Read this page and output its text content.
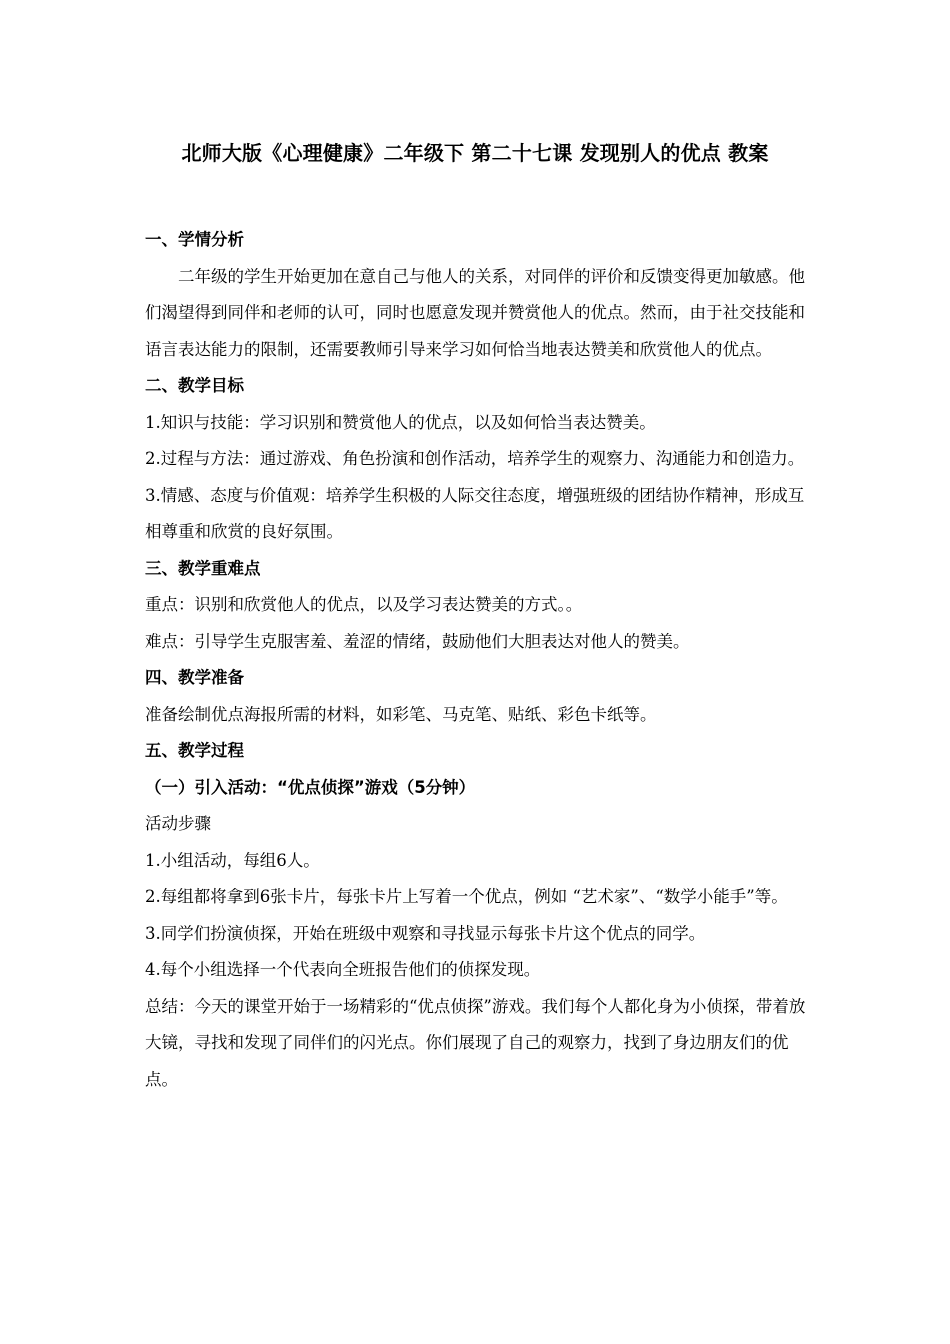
北师大版《心理健康》二年级下 第二十七课 发现别人的优点 教案

一、学情分析

二年级的学生开始更加在意自己与他人的关系，对同伴的评价和反馈变得更加敏感。他们渴望得到同伴和老师的认可，同时也愿意发现并赞赏他人的优点。然而，由于社交技能和语言表达能力的限制，还需要教师引导来学习如何恰当地表达赞美和欣赏他人的优点。

二、教学目标

1.知识与技能：学习识别和赞赏他人的优点，以及如何恰当表达赞美。

2.过程与方法：通过游戏、角色扮演和创作活动，培养学生的观察力、沟通能力和创造力。

3.情感、态度与价值观：培养学生积极的人际交往态度，增强班级的团结协作精神，形成互相尊重和欣赏的良好氛围。

三、教学重难点

重点：识别和欣赏他人的优点，以及学习表达赞美的方式。。

难点：引导学生克服害羞、羞涩的情绪，鼓励他们大胆表达对他人的赞美。

四、教学准备

准备绘制优点海报所需的材料，如彩笔、马克笔、贴纸、彩色卡纸等。

五、教学过程

（一）引入活动：“优点侦探”游戏（5分钟）

活动步骤

1.小组活动，每组6人。

2.每组都将拿到6张卡片，每张卡片上写着一个优点，例如 “艺术家”、“数学小能手”等。

3.同学们扮演侦探，开始在班级中观察和寻找显示每张卡片这个优点的同学。

4.每个小组选择一个代表向全班报告他们的侦探发现。

总结：今天的课堂开始于一场精彩的“优点侦探”游戏。我们每个人都化身为小侦探，带着放大镜，寻找和发现了同伴们的闪光点。你们展现了自己的观察力，找到了身边朋友们的优点。
